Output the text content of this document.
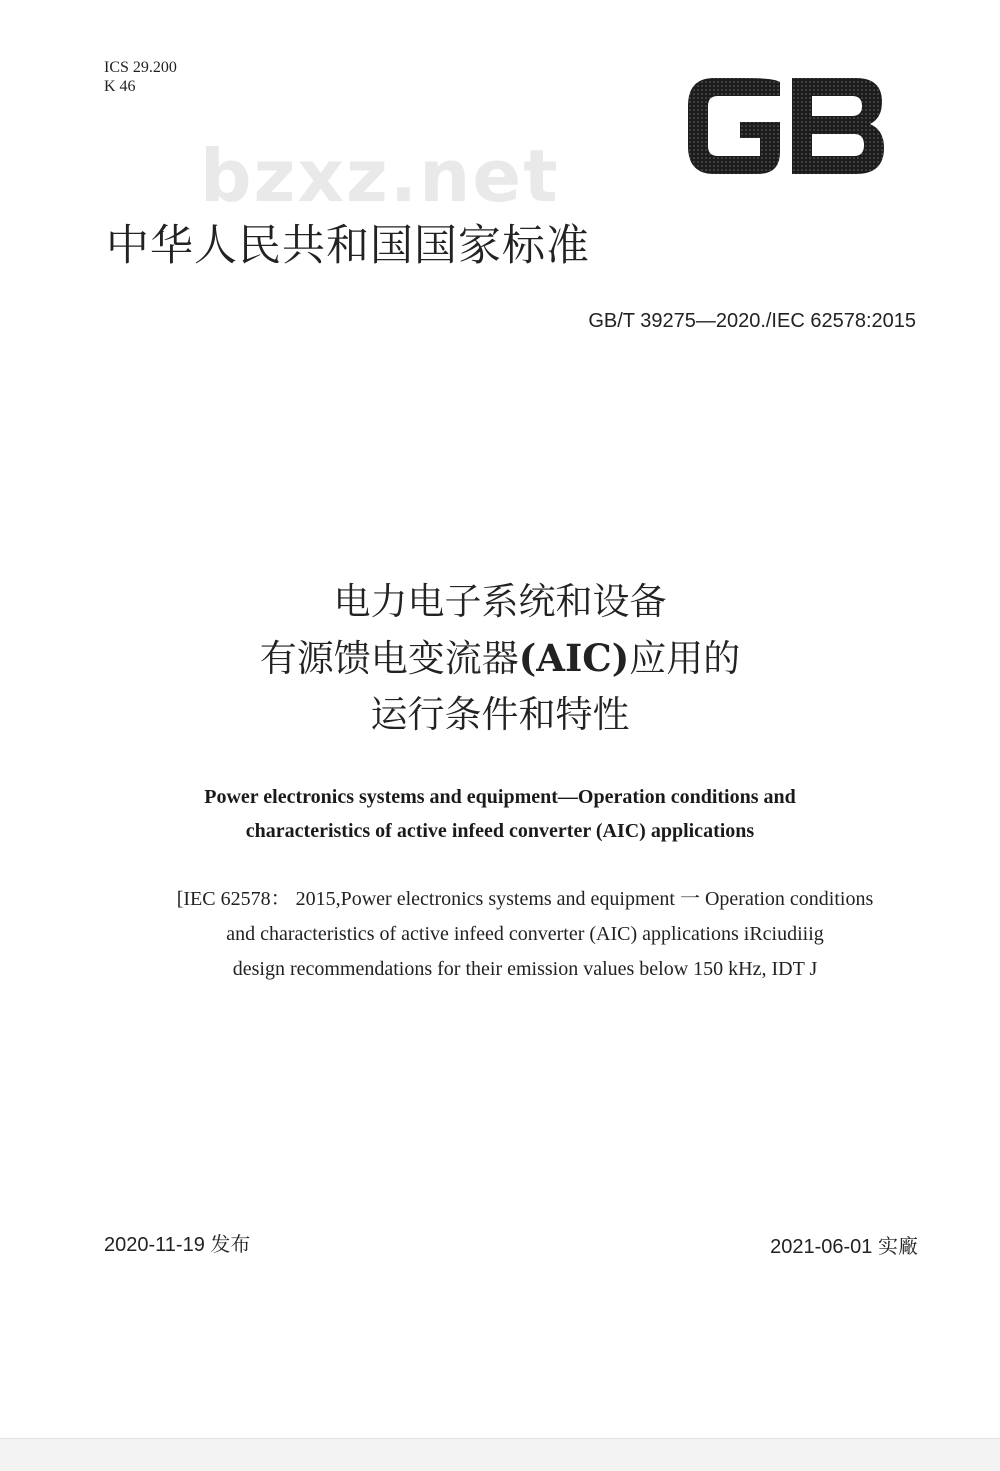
ICS 29.200
K 46
bzxz.net
中华人民共和国国家标准
GB/T 39275—2020./IEC 62578:2015
电力电子系统和设备
有源馈电变流器(AIC)应用的
运行条件和特性
Power electronics systems and equipment—Operation conditions and
characteristics of active infeed converter (AIC) applications
[IEC 62578： 2015,Power electronics systems and equipment 一 Operation conditions
and characteristics of active infeed converter (AIC) applications iRciudiiig
design recommendations for their emission values below 150 kHz, IDT J
2020-11-19 发布	2021-06-01 实廠
